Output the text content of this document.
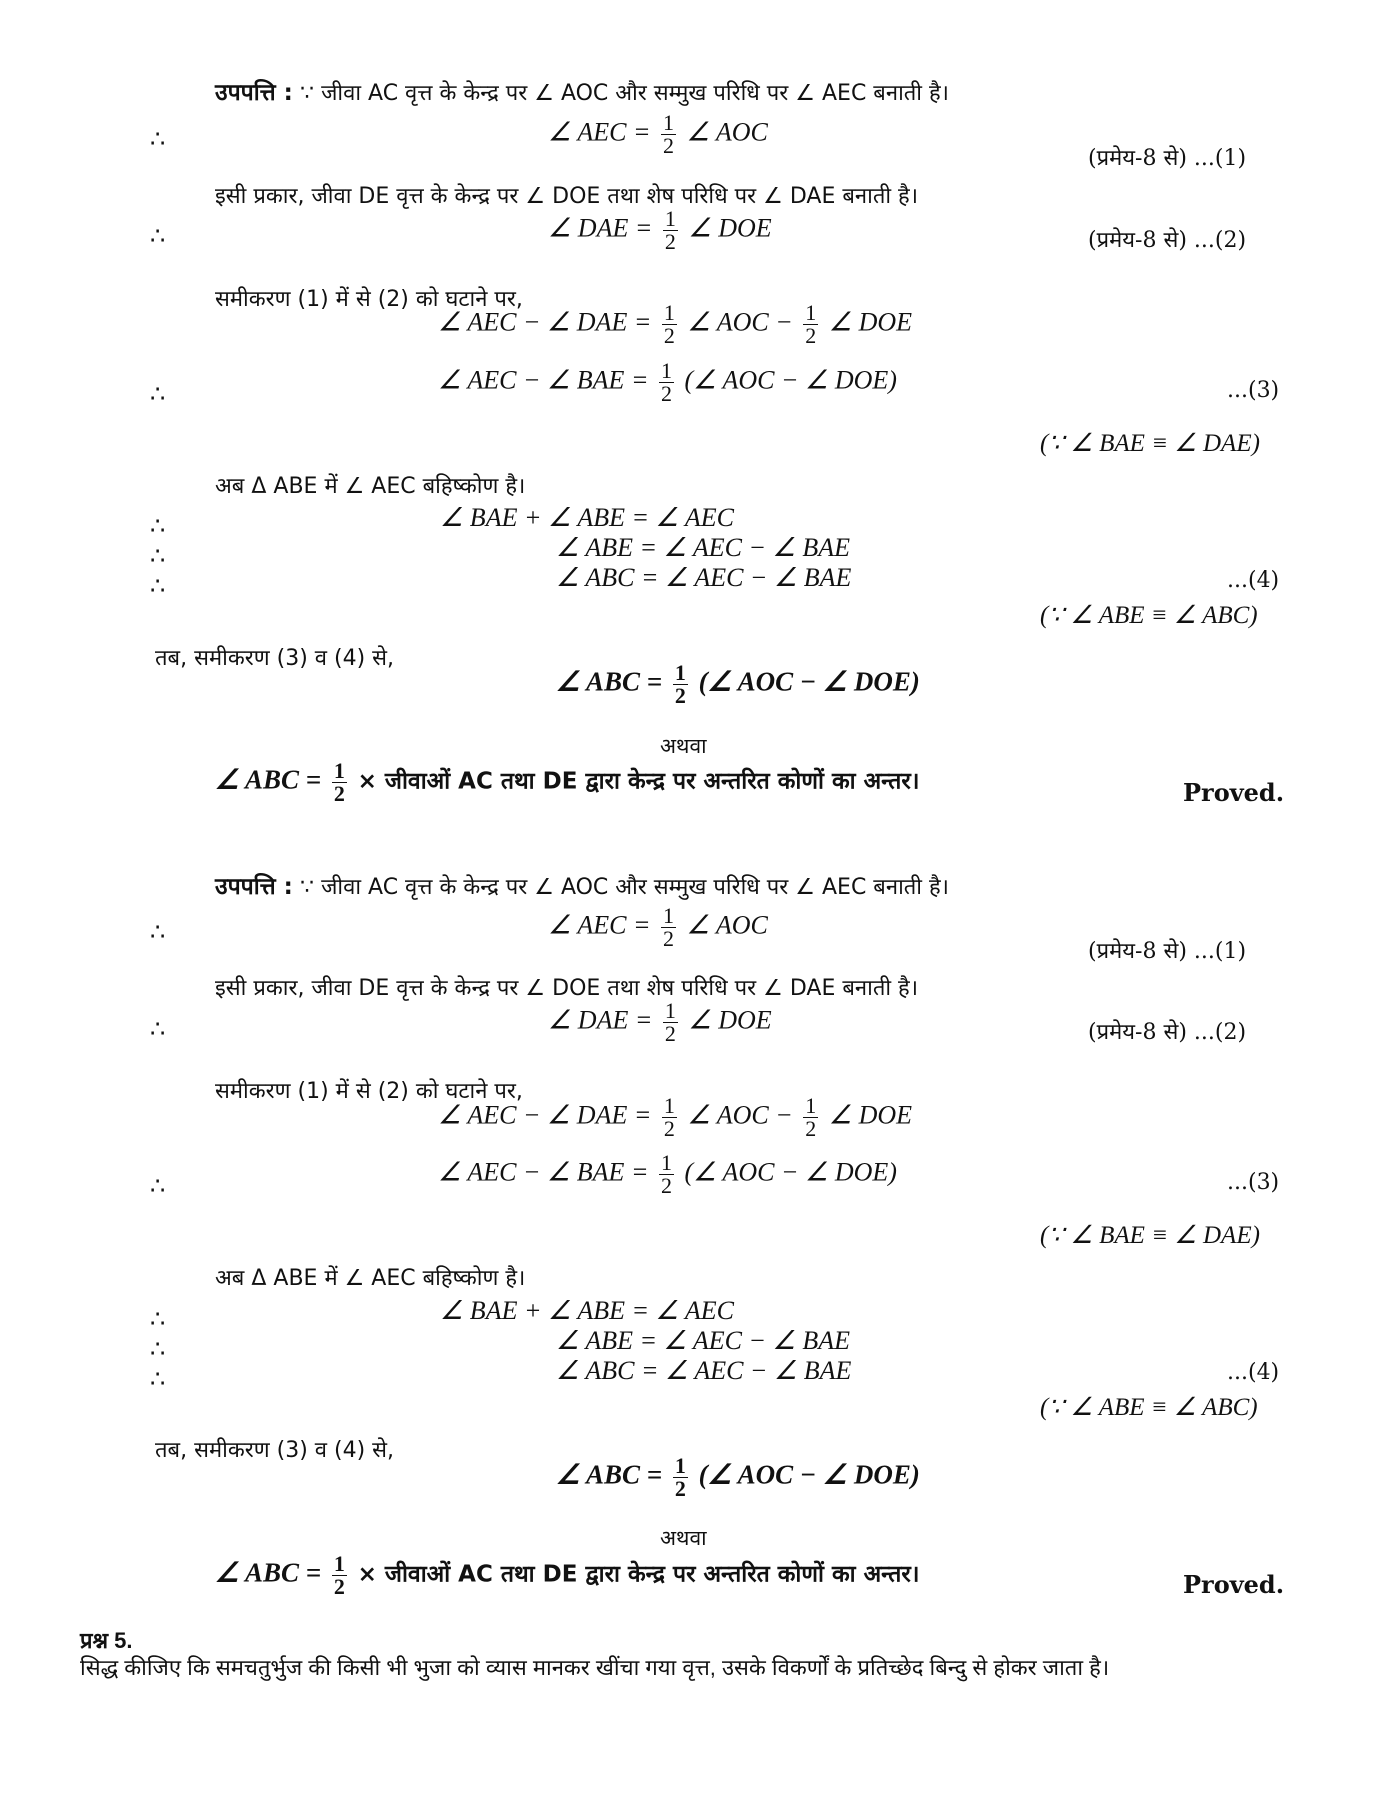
उपपत्ति : ∵ जीवा AC वृत्त के केन्द्र पर ∠ AOC और सम्मुख परिधि पर ∠ AEC बनाती है।
∴	∠ AEC = $\frac{1}{2}$ ∠ AOC
(प्रमेय-8 से) ...(1)
इसी प्रकार, जीवा DE वृत्त के केन्द्र पर ∠ DOE तथा शेष परिधि पर ∠ DAE बनाती है।
∴	∠ DAE = $\frac{1}{2}$ ∠ DOE	(प्रमेय-8 से) ...(2)
समीकरण (1) में से (2) को घटाने पर,
∠ AEC − ∠ DAE = $\frac{1}{2}$ ∠ AOC − $\frac{1}{2}$ ∠ DOE
∴	∠ AEC − ∠ BAE = $\frac{1}{2}$ (∠ AOC − ∠ DOE)	...(3)
(∵ ∠ BAE ≡ ∠ DAE)
अब Δ ABE में ∠ AEC बहिष्कोण है।
∴	∠ BAE + ∠ ABE = ∠ AEC
∴	∠ ABE = ∠ AEC − ∠ BAE
∴	∠ ABC = ∠ AEC − ∠ BAE	...(4)
(∵ ∠ ABE ≡ ∠ ABC)
तब, समीकरण (3) व (4) से,
∠ ABC = $\frac{1}{2}$ (∠ AOC − ∠ DOE)
अथवा
∠ ABC = $\frac{1}{2}$ × जीवाओं AC तथा DE द्वारा केन्द्र पर अन्तरित कोणों का अन्तर।	Proved.
उपपत्ति : ∵ जीवा AC वृत्त के केन्द्र पर ∠ AOC और सम्मुख परिधि पर ∠ AEC बनाती है।
∴	∠ AEC = $\frac{1}{2}$ ∠ AOC
(प्रमेय-8 से) ...(1)
इसी प्रकार, जीवा DE वृत्त के केन्द्र पर ∠ DOE तथा शेष परिधि पर ∠ DAE बनाती है।
∴	∠ DAE = $\frac{1}{2}$ ∠ DOE	(प्रमेय-8 से) ...(2)
समीकरण (1) में से (2) को घटाने पर,
∠ AEC − ∠ DAE = $\frac{1}{2}$ ∠ AOC − $\frac{1}{2}$ ∠ DOE
∴	∠ AEC − ∠ BAE = $\frac{1}{2}$ (∠ AOC − ∠ DOE)	...(3)
(∵ ∠ BAE ≡ ∠ DAE)
अब Δ ABE में ∠ AEC बहिष्कोण है।
∴	∠ BAE + ∠ ABE = ∠ AEC
∴	∠ ABE = ∠ AEC − ∠ BAE
∴	∠ ABC = ∠ AEC − ∠ BAE	...(4)
(∵ ∠ ABE ≡ ∠ ABC)
तब, समीकरण (3) व (4) से,
∠ ABC = $\frac{1}{2}$ (∠ AOC − ∠ DOE)
अथवा
∠ ABC = $\frac{1}{2}$ × जीवाओं AC तथा DE द्वारा केन्द्र पर अन्तरित कोणों का अन्तर।	Proved.
प्रश्न 5.
सिद्ध कीजिए कि समचतुर्भुज की किसी भी भुजा को व्यास मानकर खींचा गया वृत्त, उसके विकर्णों के प्रतिच्छेद बिन्दु से होकर जाता है।
